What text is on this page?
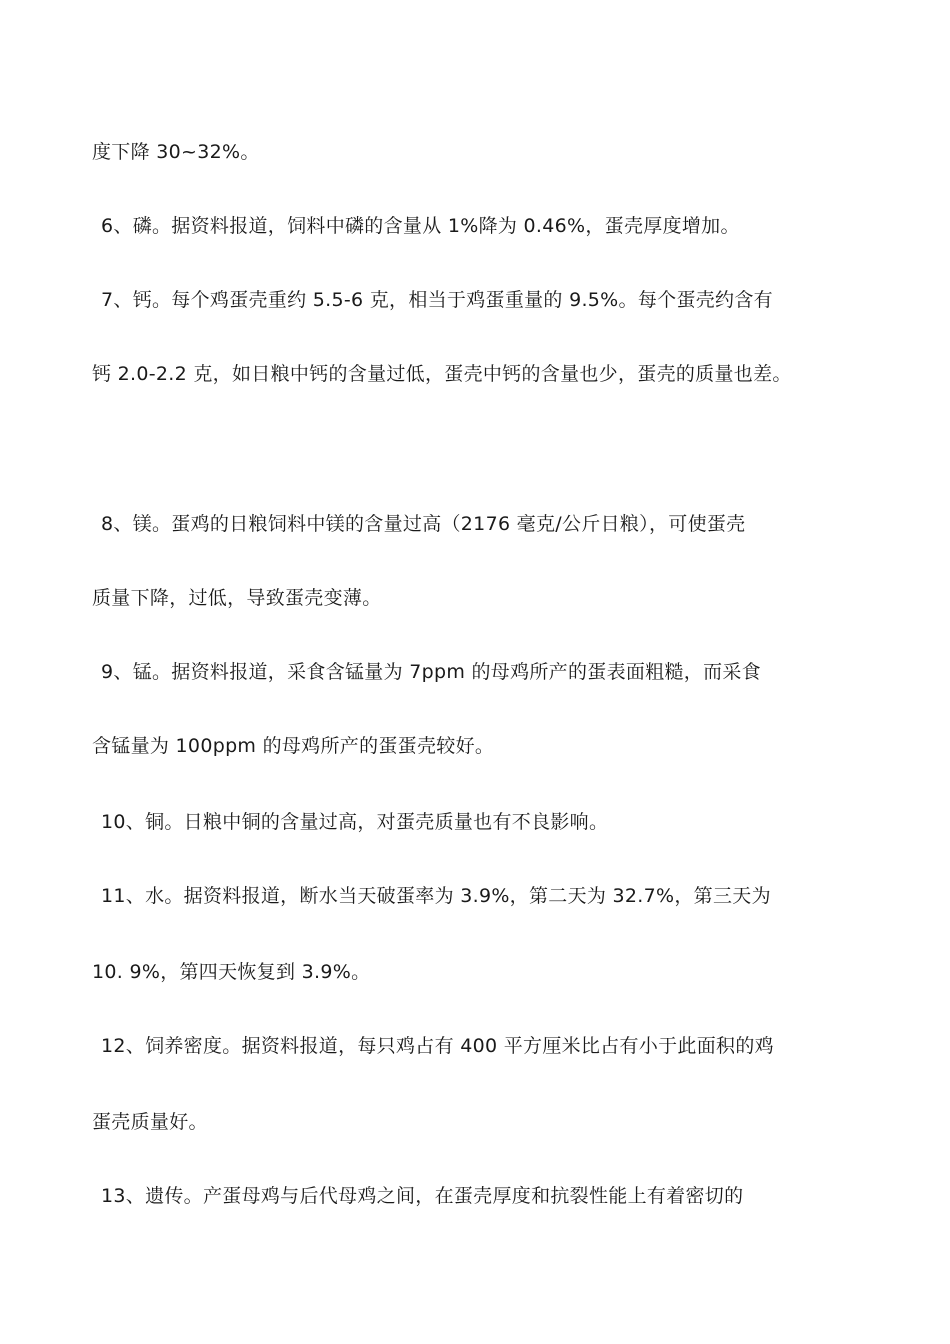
度下降 30~32%。
6、磷。据资料报道，饲料中磷的含量从 1%降为 0.46%，蛋壳厚度增加。
7、钙。每个鸡蛋壳重约 5.5-6 克，相当于鸡蛋重量的 9.5%。每个蛋壳约含有
钙 2.0-2.2 克，如日粮中钙的含量过低，蛋壳中钙的含量也少，蛋壳的质量也差。
8、镁。蛋鸡的日粮饲料中镁的含量过高（2176 毫克/公斤日粮），可使蛋壳
质量下降，过低，导致蛋壳变薄。
9、锰。据资料报道，采食含锰量为 7ppm 的母鸡所产的蛋表面粗糙，而采食
含锰量为 100ppm 的母鸡所产的蛋蛋壳较好。
10、铜。日粮中铜的含量过高，对蛋壳质量也有不良影响。
11、水。据资料报道，断水当天破蛋率为 3.9%，第二天为 32.7%，第三天为
10. 9%，第四天恢复到 3.9%。
12、饲养密度。据资料报道，每只鸡占有 400 平方厘米比占有小于此面积的鸡
蛋壳质量好。
13、遗传。产蛋母鸡与后代母鸡之间，在蛋壳厚度和抗裂性能上有着密切的
